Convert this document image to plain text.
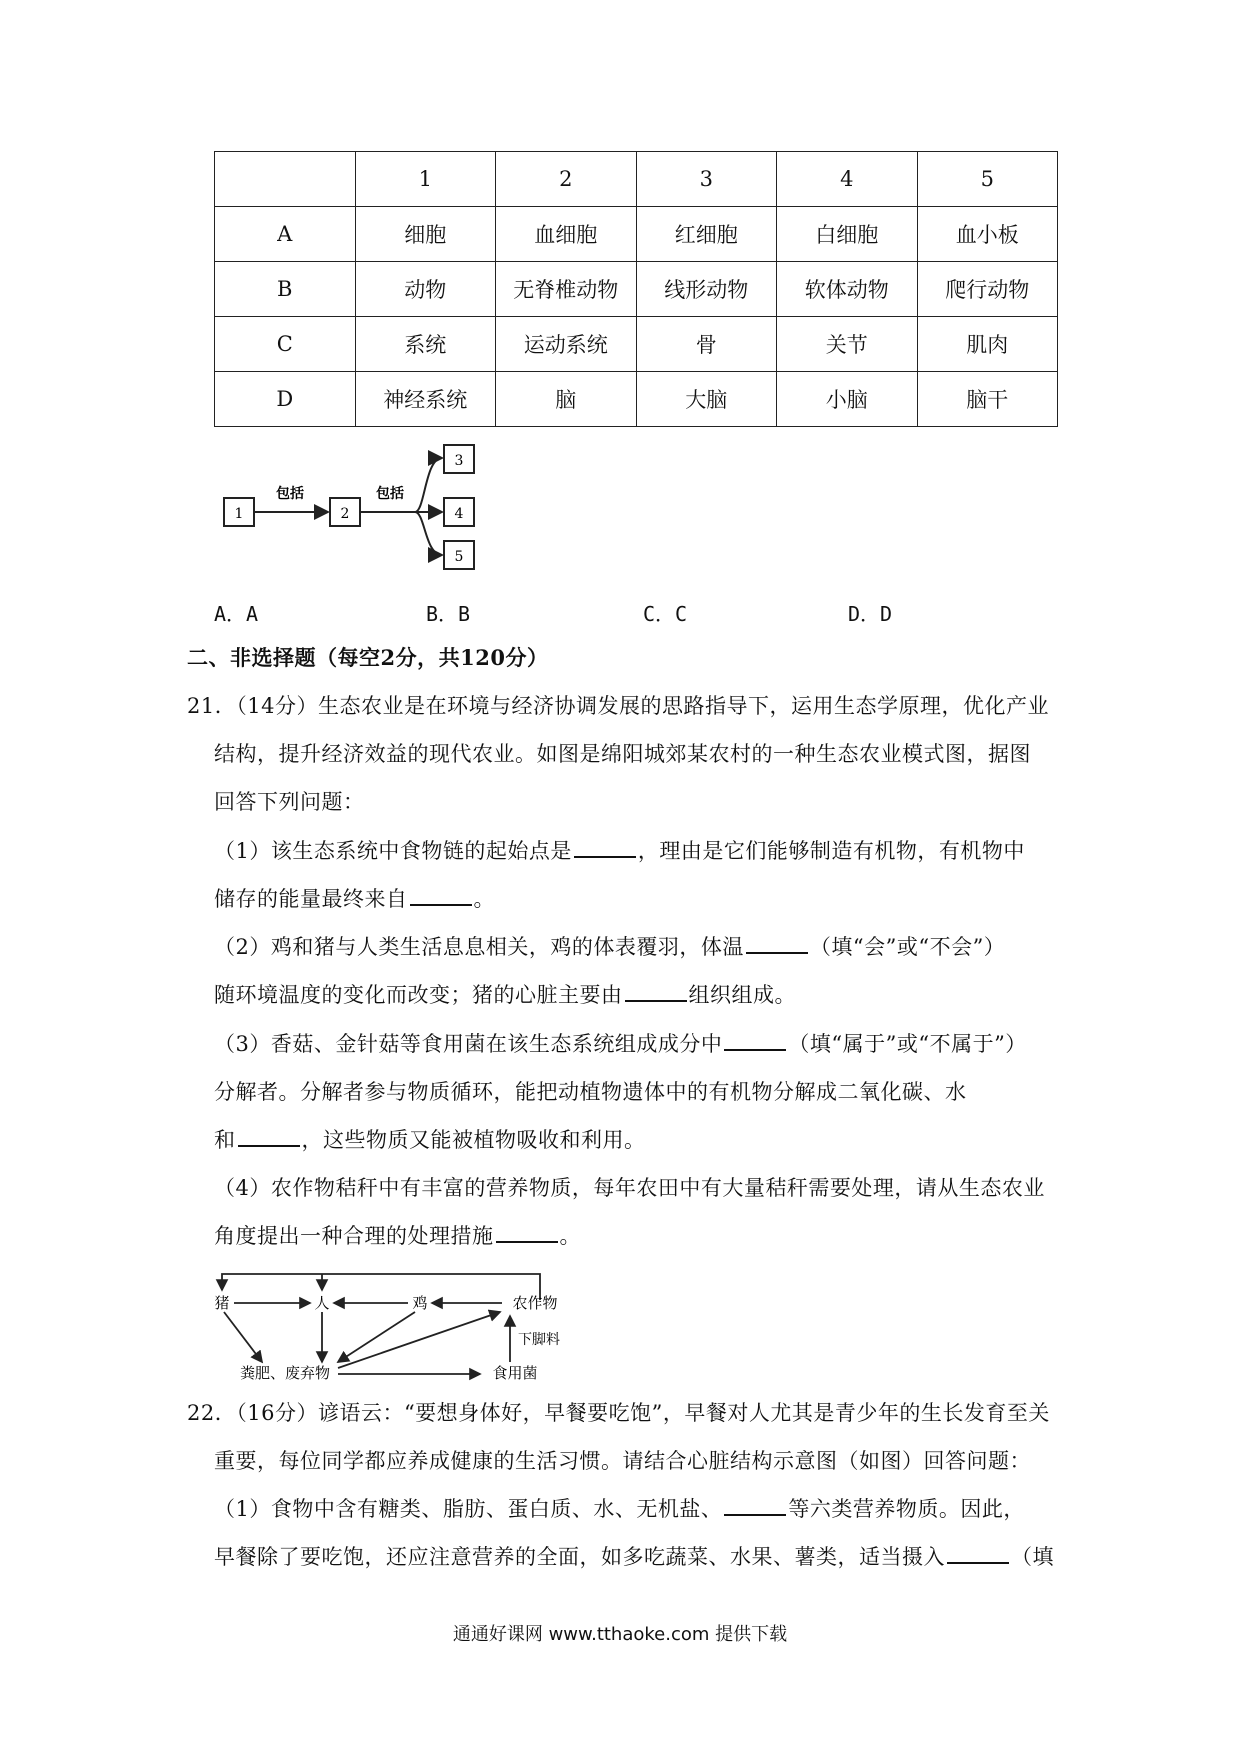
	1	2	3	4	5
A	细胞	血细胞	红细胞	白细胞	血小板
B	动物	无脊椎动物	线形动物	软体动物	爬行动物
C	系统	运动系统	骨	关节	肌肉
D	神经系统	脑	大脑	小脑	脑干
1
包括
2
包括
3
4
5
A．A	B．B	C．C	D．D
二、非选择题（每空2分，共120分）
21．（14分）生态农业是在环境与经济协调发展的思路指导下，运用生态学原理，优化产业
结构，提升经济效益的现代农业。如图是绵阳城郊某农村的一种生态农业模式图，据图
回答下列问题：
（1）该生态系统中食物链的起始点是	，理由是它们能够制造有机物，有机物中
储存的能量最终来自	。
（2）鸡和猪与人类生活息息相关，鸡的体表覆羽，体温	（填“会”或“不会”）
随环境温度的变化而改变；猪的心脏主要由	组织组成。
（3）香菇、金针菇等食用菌在该生态系统组成成分中	（填“属于”或“不属于”）
分解者。分解者参与物质循环，能把动植物遗体中的有机物分解成二氧化碳、水
和	，这些物质又能被植物吸收和利用。
（4）农作物秸秆中有丰富的营养物质，每年农田中有大量秸秆需要处理，请从生态农业
角度提出一种合理的处理措施	。
猪	人	鸡	农作物
粪肥、废弃物	食用菌
下脚料
22．（16分）谚语云：“要想身体好，早餐要吃饱”，早餐对人尤其是青少年的生长发育至关
重要，每位同学都应养成健康的生活习惯。请结合心脏结构示意图（如图）回答问题：
（1）食物中含有糖类、脂肪、蛋白质、水、无机盐、	等六类营养物质。因此，
早餐除了要吃饱，还应注意营养的全面，如多吃蔬菜、水果、薯类，适当摄入	（填
通通好课网 www.tthaoke.com 提供下载
